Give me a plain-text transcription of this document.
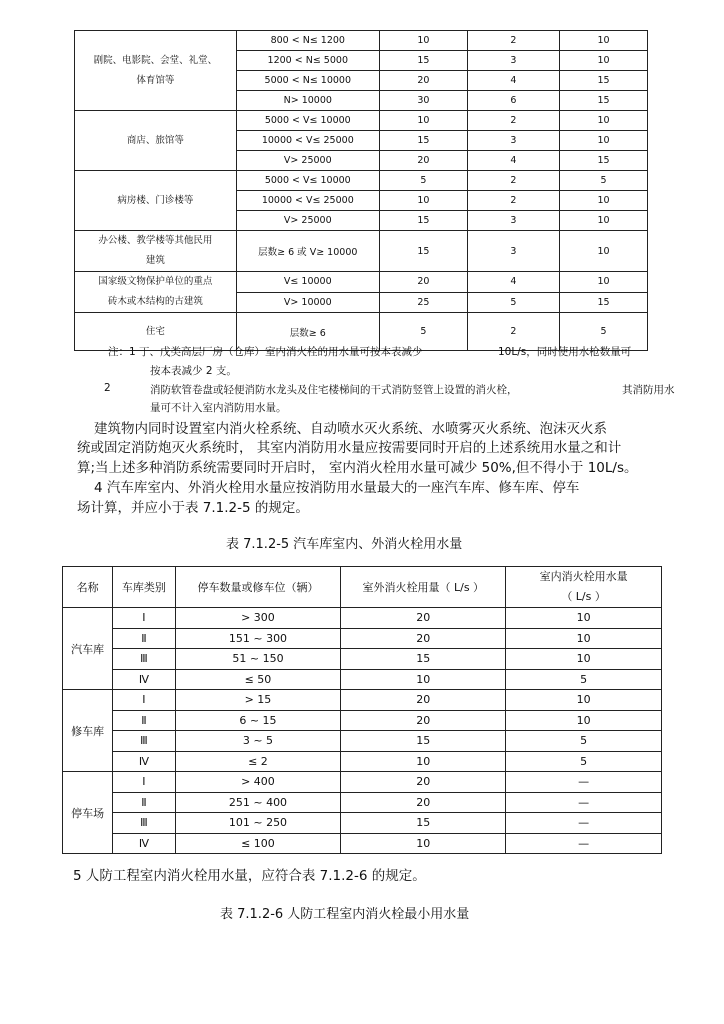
剧院、电影院、会堂、礼堂、
体育馆等	800 < N≤ 1200	10	2	10
	1200 < N≤ 5000	15	3	10
	5000 < N≤ 10000	20	4	15
	N> 10000	30	6	15

商店、旅馆等	5000 < V≤ 10000	10	2	10
	10000 < V≤ 25000	15	3	10
	V> 25000	20	4	15

病房楼、门诊楼等	5000 < V≤ 10000	5	2	5
	10000 < V≤ 25000	10	2	10
	V> 25000	15	3	10

办公楼、教学楼等其他民用
建筑	层数≥ 6 或 V≥ 10000	15	3	10

国家级文物保护单位的重点
砖木或木结构的古建筑	V≤ 10000	20	4	10
	V> 10000	25	5	15

住宅	层数≥ 6	5	2	5
注：1 丁、戊类高层厂房（仓库）室内消火栓的用水量可按本表减少	10L/s，同时使用水枪数量可
按本表减少 2 支。
2	消防软管卷盘或轻便消防水龙头及住宅楼梯间的干式消防竖管上设置的消火栓，	其消防用水
量可不计入室内消防用水量。
建筑物内同时设置室内消火栓系统、自动喷水灭火系统、水喷雾灭火系统、泡沫灭火系
统或固定消防炮灭火系统时， 其室内消防用水量应按需要同时开启的上述系统用水量之和计
算;当上述多种消防系统需要同时开启时， 室内消火栓用水量可减少 50%,但不得小于 10L/s。
4 汽车库室内、外消火栓用水量应按消防用水量最大的一座汽车库、修车库、停车
场计算，并应小于表 7.1.2-5 的规定。
表 7.1.2-5 汽车库室内、外消火栓用水量
名称	车库类别	停车数量或修车位（辆）	室外消火栓用量（ L/s ）	室内消火栓用水量
（ L/s ）

汽车库	Ⅰ	> 300	20	10
	Ⅱ	151 ~ 300	20	10
	Ⅲ	51 ~ 150	15	10
	Ⅳ	≤ 50	10	5
修车库	Ⅰ	> 15	20	10
	Ⅱ	6 ~ 15	20	10
	Ⅲ	3 ~ 5	15	5
	Ⅳ	≤ 2	10	5
停车场	Ⅰ	> 400	20	—
	Ⅱ	251 ~ 400	20	—
	Ⅲ	101 ~ 250	15	—
	Ⅳ	≤ 100	10	—
5 人防工程室内消火栓用水量，应符合表 7.1.2-6 的规定。
表 7.1.2-6 人防工程室内消火栓最小用水量
